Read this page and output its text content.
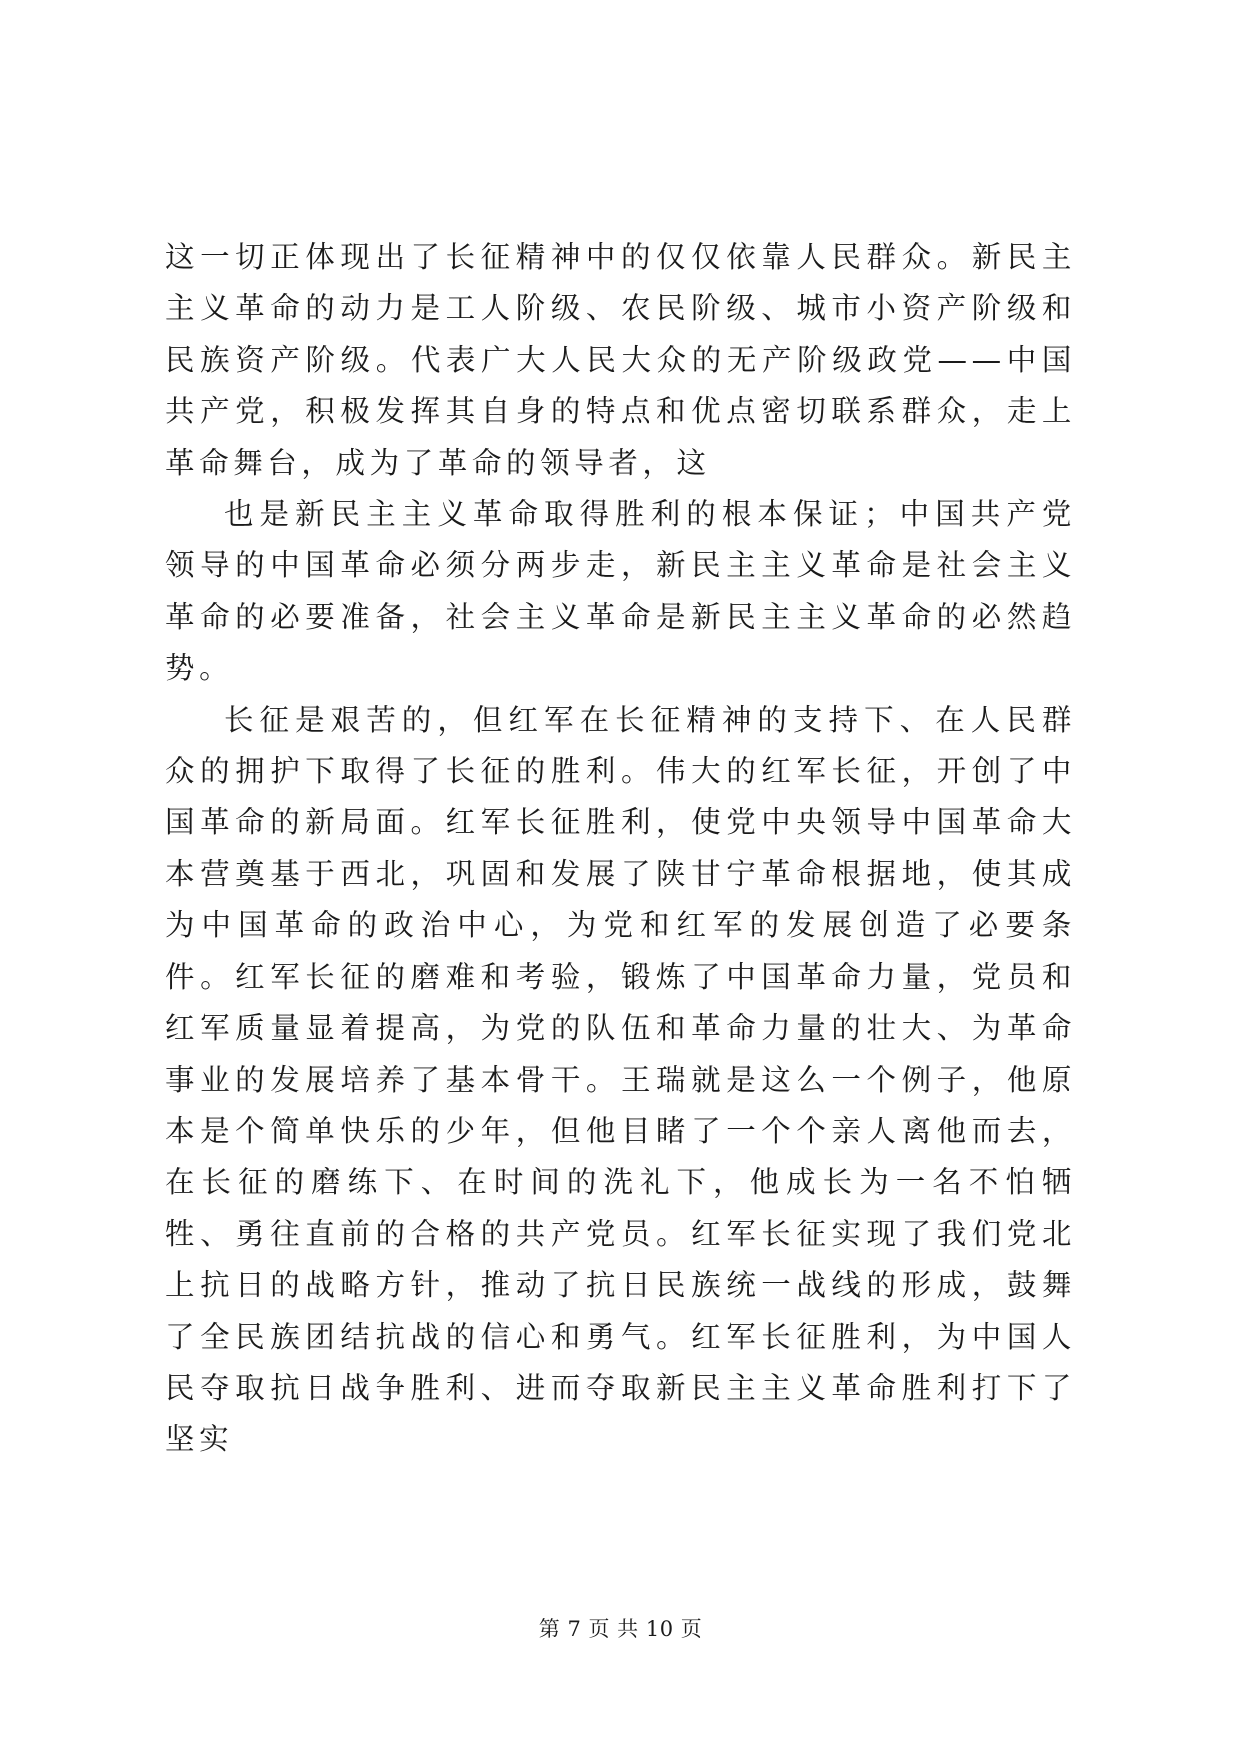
这一切正体现出了长征精神中的仅仅依靠人民群众。新民主主义革命的动力是工人阶级、农民阶级、城市小资产阶级和民族资产阶级。代表广大人民大众的无产阶级政党——中国共产党，积极发挥其自身的特点和优点密切联系群众，走上革命舞台，成为了革命的领导者，这

也是新民主主义革命取得胜利的根本保证；中国共产党领导的中国革命必须分两步走，新民主主义革命是社会主义革命的必要准备，社会主义革命是新民主主义革命的必然趋势。

长征是艰苦的，但红军在长征精神的支持下、在人民群众的拥护下取得了长征的胜利。伟大的红军长征，开创了中国革命的新局面。红军长征胜利，使党中央领导中国革命大本营奠基于西北，巩固和发展了陕甘宁革命根据地，使其成为中国革命的政治中心，为党和红军的发展创造了必要条件。红军长征的磨难和考验，锻炼了中国革命力量，党员和红军质量显着提高，为党的队伍和革命力量的壮大、为革命事业的发展培养了基本骨干。王瑞就是这么一个例子，他原本是个简单快乐的少年，但他目睹了一个个亲人离他而去，在长征的磨练下、在时间的洗礼下，他成长为一名不怕牺牲、勇往直前的合格的共产党员。红军长征实现了我们党北上抗日的战略方针，推动了抗日民族统一战线的形成，鼓舞了全民族团结抗战的信心和勇气。红军长征胜利，为中国人民夺取抗日战争胜利、进而夺取新民主主义革命胜利打下了坚实

第 7 页 共 10 页
